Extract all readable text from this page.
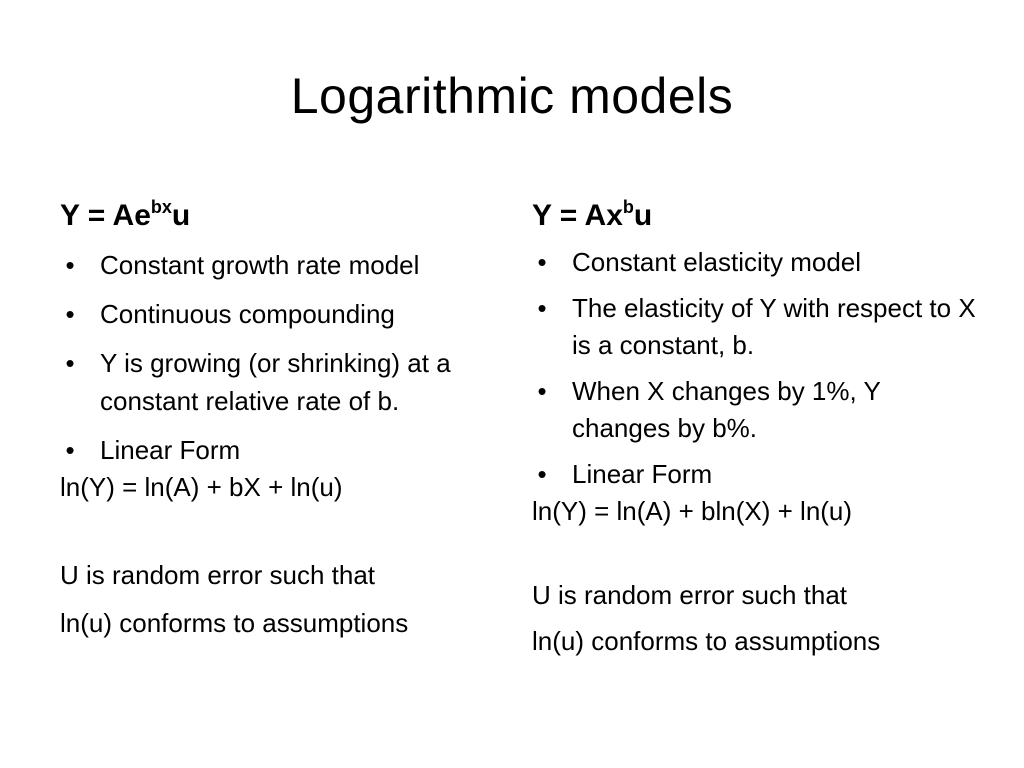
Logarithmic models

$Y = Ae^{bx}u$

• Constant growth rate model
• Continuous compounding
• Y is growing (or shrinking) at a constant relative rate of b.
• Linear Form

ln(Y) = ln(A) + bX + ln(u)

U is random error such that

ln(u) conforms to assumptions

$Y = Ax^bu$

• Constant elasticity model
• The elasticity of Y with respect to X is a constant, b.
• When X changes by 1%, Y changes by b%.
• Linear Form

ln(Y) = ln(A) + bln(X) + ln(u)

U is random error such that

ln(u) conforms to assumptions
